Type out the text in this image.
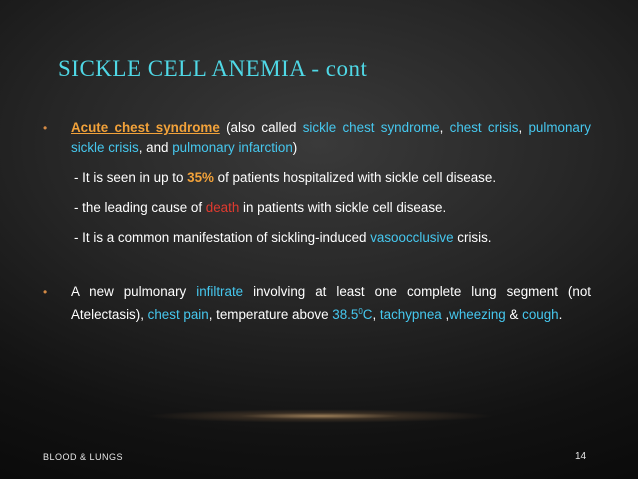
SICKLE CELL ANEMIA - cont
•	Acute chest syndrome (also called sickle chest syndrome, chest crisis, pulmonary sickle crisis, and pulmonary infarction)
- It is seen in up to 35% of patients hospitalized with sickle cell disease.
- the leading cause of death in patients with sickle cell disease.
- It is a common manifestation of sickling-induced vasoocclusive crisis.
•	A new pulmonary infiltrate involving at least one complete lung segment (not Atelectasis), chest pain, temperature above 38.5$^0$C, tachypnea ,wheezing & cough.
BLOOD & LUNGS	14
